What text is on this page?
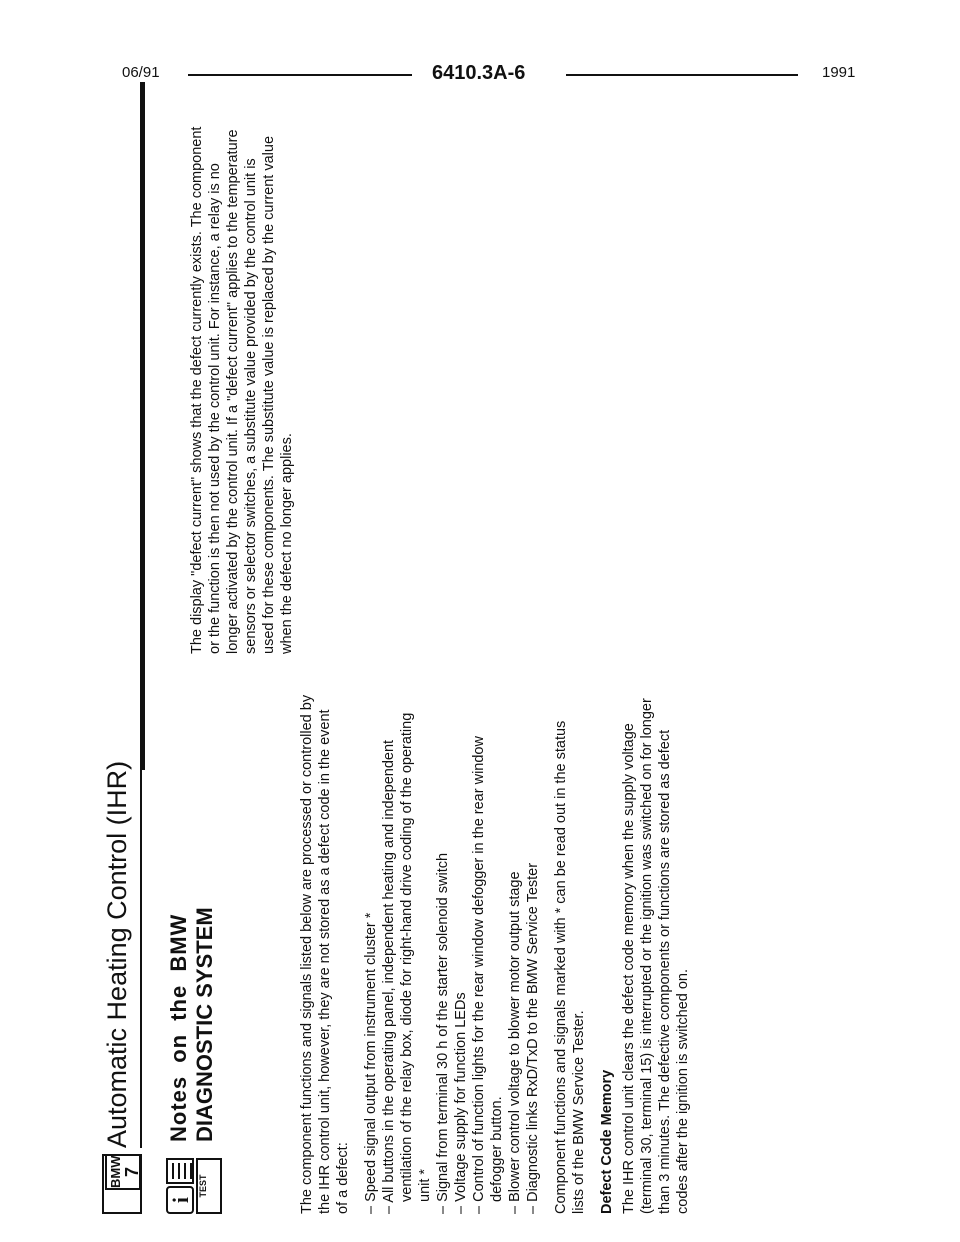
06/91	6410.3A-6	1991
BMW 7
Automatic Heating Control (IHR)
i
TEST
Notes on the BMW DIAGNOSTIC SYSTEM	The component functions and signals listed below are processed or controlled by the IHR control unit, however, they are not stored as a defect code in the event of a defect: – Speed signal output from instrument cluster * – All buttons in the operating panel, independent heating and independent ventilation of the relay box, diode for right-hand drive coding of the operating unit * – Signal from terminal 30 h of the starter solenoid switch – Voltage supply for function LEDs – Control of function lights for the rear window defogger in the rear window defogger button. – Blower control voltage to blower motor output stage – Diagnostic links RxD/TxD to the BMW Service Tester Component functions and signals marked with * can be read out in the status lists of the BMW Service Tester. Defect Code Memory The IHR control unit clears the defect code memory when the supply voltage (terminal 30, terminal 15) is interrupted or the ignition was switched on for longer than 3 minutes. The defective components or functions are stored as defect codes after the ignition is switched on.

The display "defect current" shows that the defect currently exists. The component or the function is then not used by the control unit. For instance, a relay is no longer activated by the control unit. If a "defect current" applies to the temperature sensors or selector switches, a substitute value provided by the control unit is used for these components. The substitute value is replaced by the current value when the defect no longer applies.
